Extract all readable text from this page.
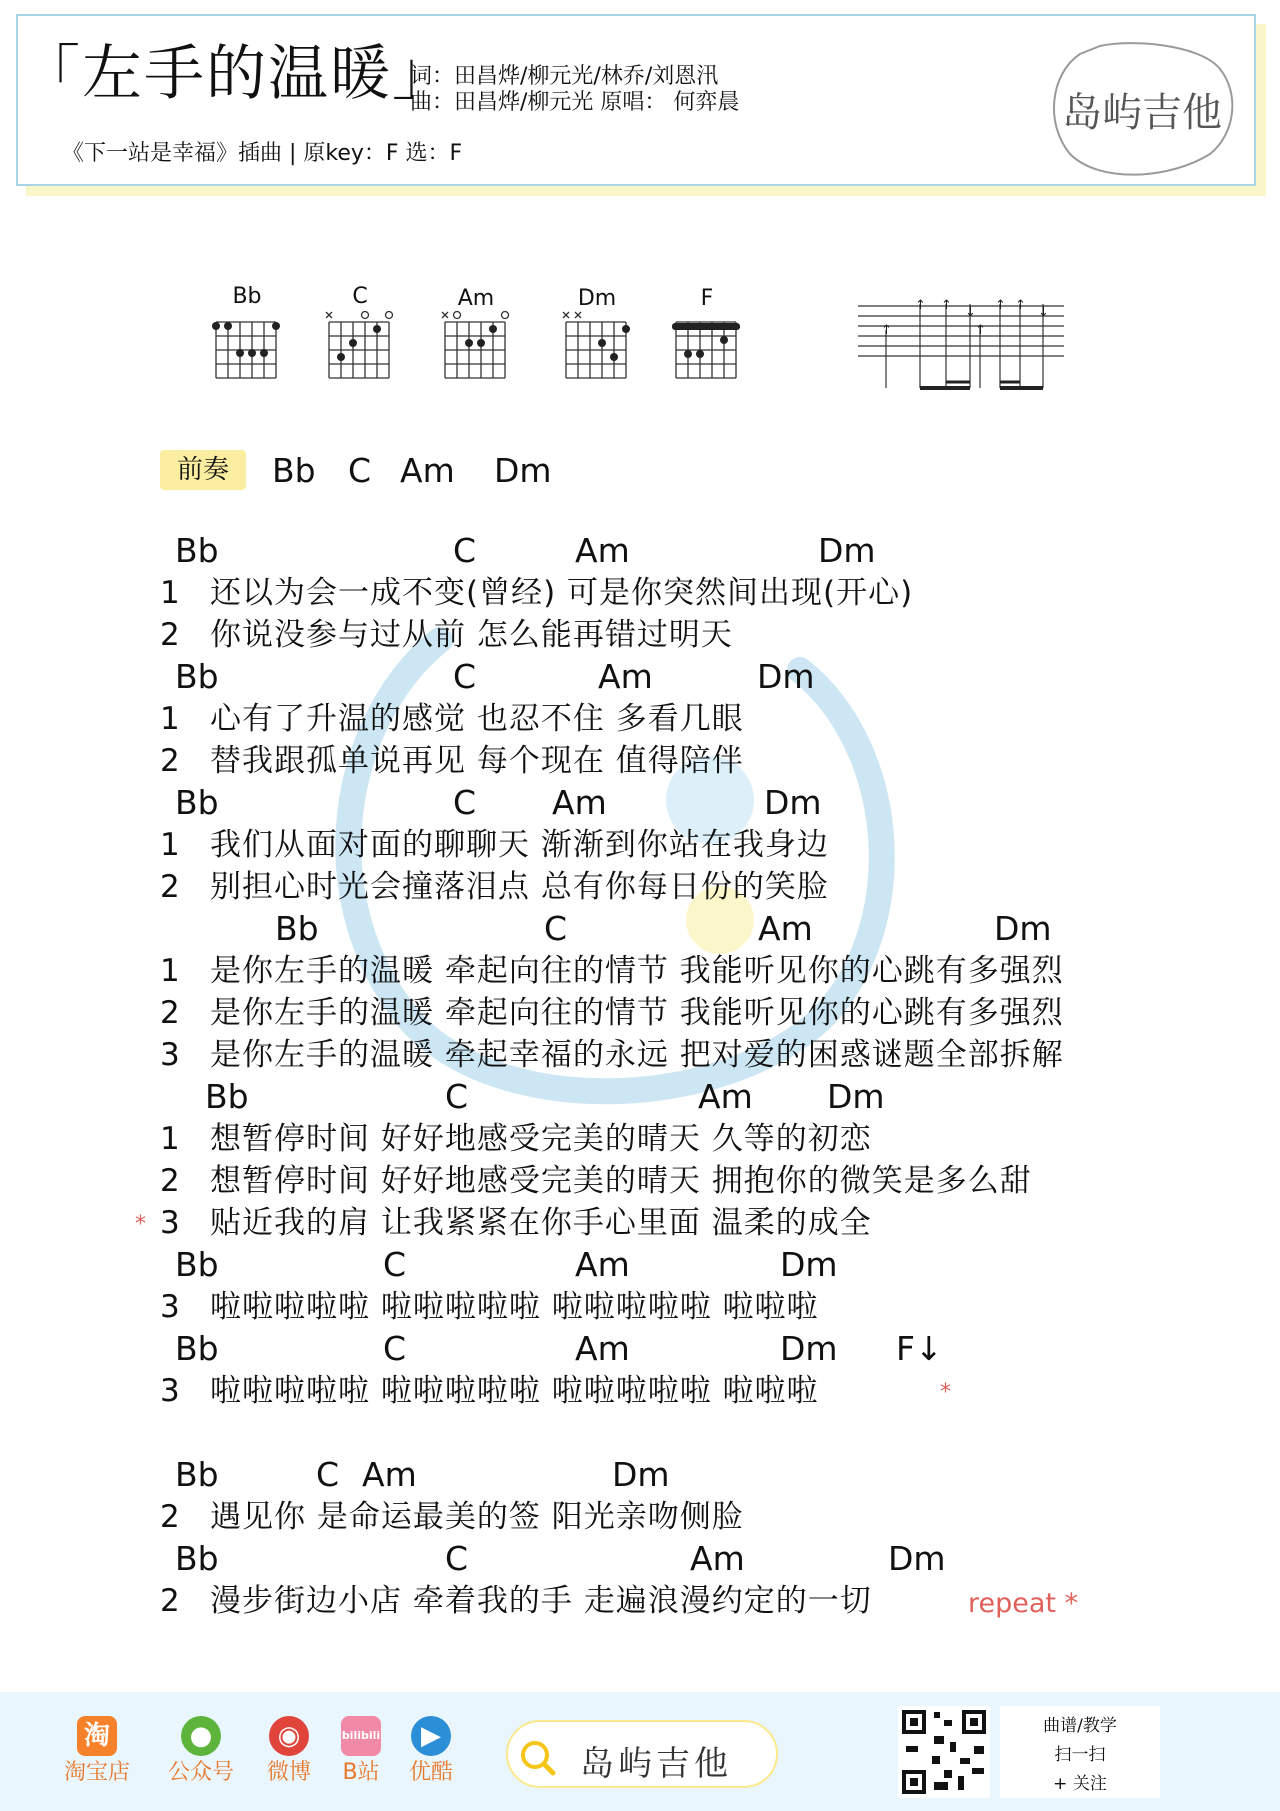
「左手的温暖」
词：田昌烨/柳元光/林乔/刘恩汛
曲：田昌烨/柳元光 原唱： 何弈晨
《下一站是幸福》插曲 | 原key：F 选：F
岛屿吉他
Bb	C	Am	Dm	F
↑
↑ ↑ ↓
↑
↑ ↑ ↓
前奏	Bb C Am Dm
Bb	C	Am	Dm
1 还以为会一成不变(曾经) 可是你突然间出现(开心)
2 你说没参与过从前 怎么能再错过明天
Bb	C	Am	Dm
1 心有了升温的感觉 也忍不住 多看几眼
2 替我跟孤单说再见 每个现在 值得陪伴
Bb	C Am	Dm
1 我们从面对面的聊聊天 渐渐到你站在我身边
2 别担心时光会撞落泪点 总有你每日份的笑脸
Bb	C	Am	Dm
1 是你左手的温暖 牵起向往的情节 我能听见你的心跳有多强烈
2 是你左手的温暖 牵起向往的情节 我能听见你的心跳有多强烈
3 是你左手的温暖 牵起幸福的永远 把对爱的困惑谜题全部拆解
Bb	C	Am Dm
1 想暂停时间 好好地感受完美的晴天 久等的初恋
2 想暂停时间 好好地感受完美的晴天 拥抱你的微笑是多么甜
* 3 贴近我的肩 让我紧紧在你手心里面 温柔的成全
Bb	C	Am	Dm
3 啦啦啦啦啦 啦啦啦啦啦 啦啦啦啦啦 啦啦啦
Bb	C	Am	Dm F↓
3 啦啦啦啦啦 啦啦啦啦啦 啦啦啦啦啦 啦啦啦	*
Bb	C Am	Dm
2 遇见你 是命运最美的签 阳光亲吻侧脸
Bb	C	Am	Dm
2 漫步街边小店 牵着我的手 走遍浪漫约定的一切	repeat *
淘
淘宝店
●
公众号
◉
微博
bilibili
B站
▶
优酷	岛屿吉他
曲谱/教学
扫一扫
+ 关注
